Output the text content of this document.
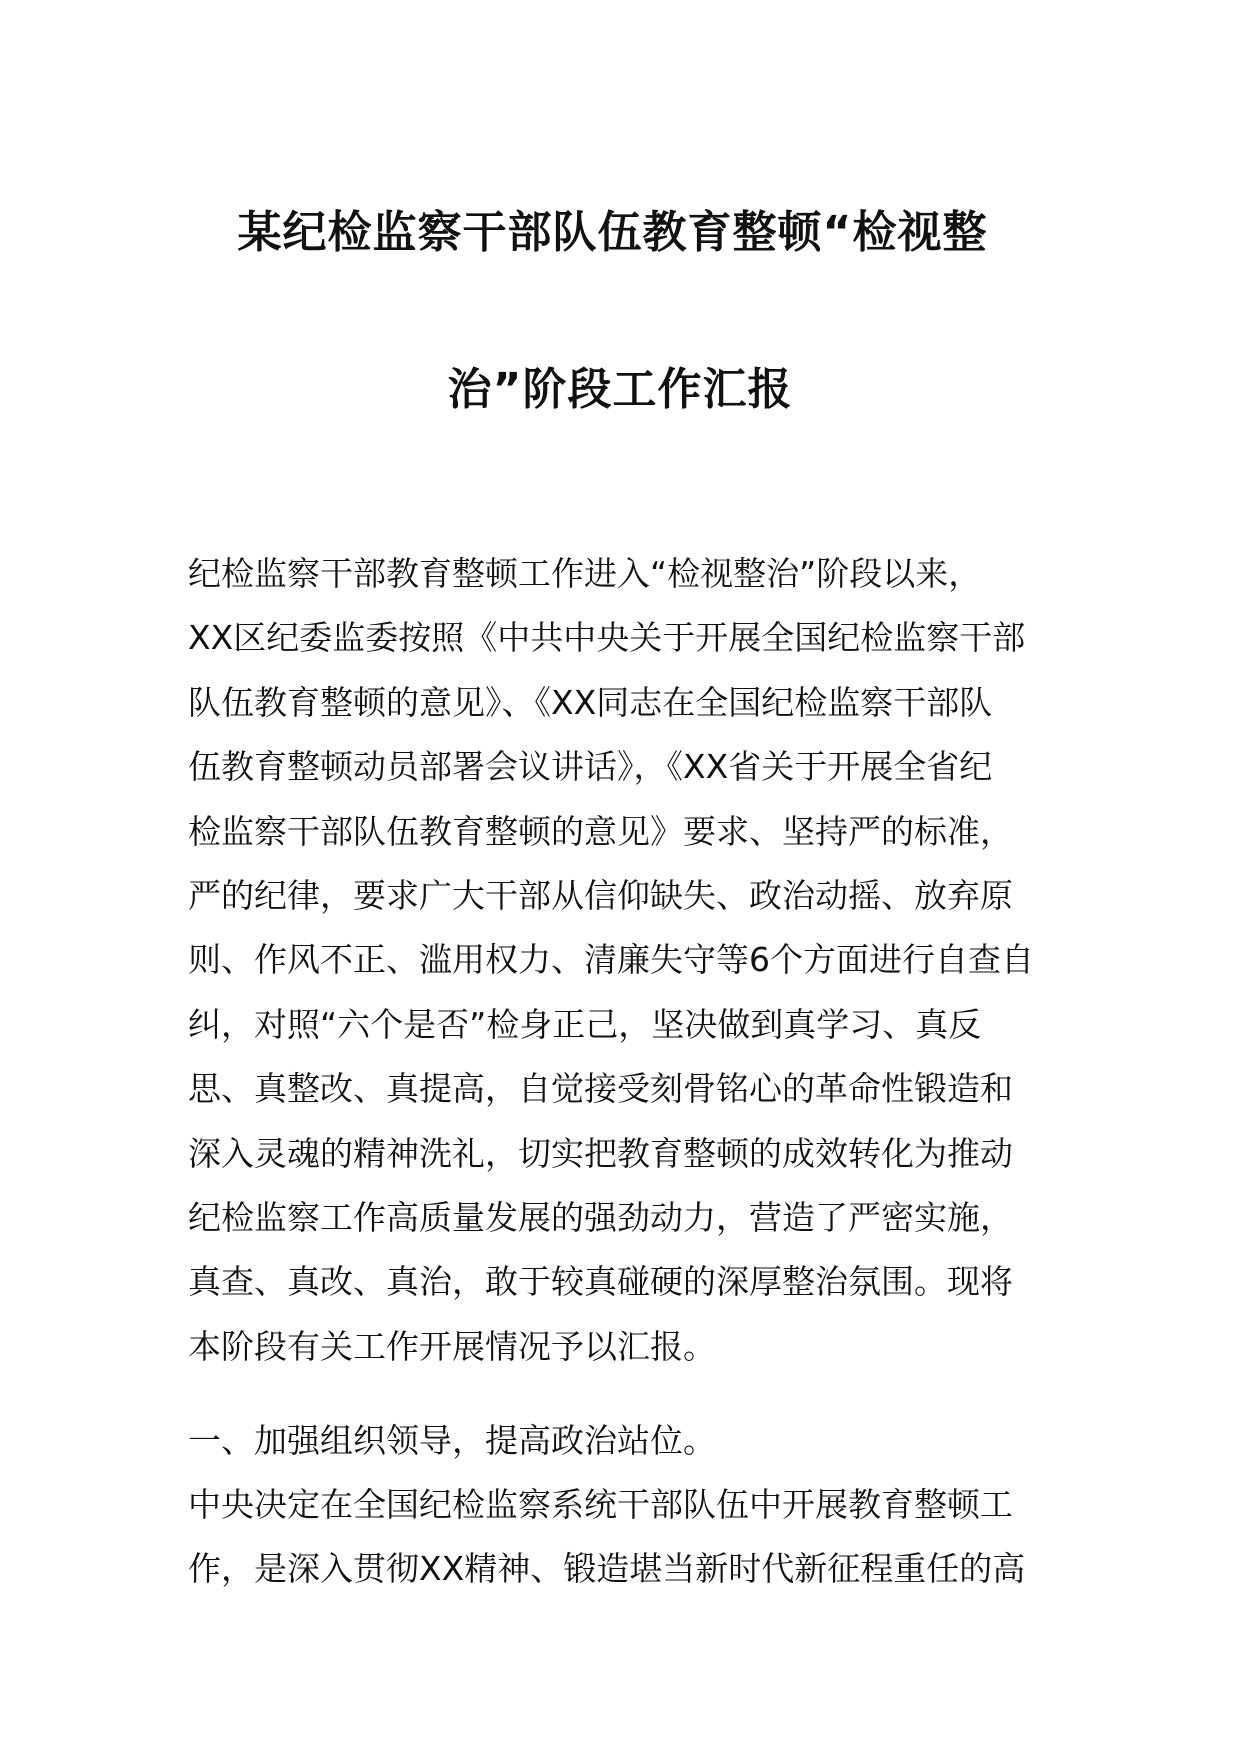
某纪检监察干部队伍教育整顿“检视整
治”阶段工作汇报
纪检监察干部教育整顿工作进入“检视整治”阶段以来，
XX区纪委监委按照《中共中央关于开展全国纪检监察干部
队伍教育整顿的意见》、《XX同志在全国纪检监察干部队
伍教育整顿动员部署会议讲话》，《XX省关于开展全省纪
检监察干部队伍教育整顿的意见》要求、坚持严的标准，
严的纪律，要求广大干部从信仰缺失、政治动摇、放弃原
则、作风不正、滥用权力、清廉失守等6个方面进行自查自
纠，对照“六个是否”检身正己，坚决做到真学习、真反
思、真整改、真提高，自觉接受刻骨铭心的革命性锻造和
深入灵魂的精神洗礼，切实把教育整顿的成效转化为推动
纪检监察工作高质量发展的强劲动力，营造了严密实施，
真查、真改、真治，敢于较真碰硬的深厚整治氛围。现将
本阶段有关工作开展情况予以汇报。
一、加强组织领导，提高政治站位。
中央决定在全国纪检监察系统干部队伍中开展教育整顿工
作，是深入贯彻XX精神、锻造堪当新时代新征程重任的高
